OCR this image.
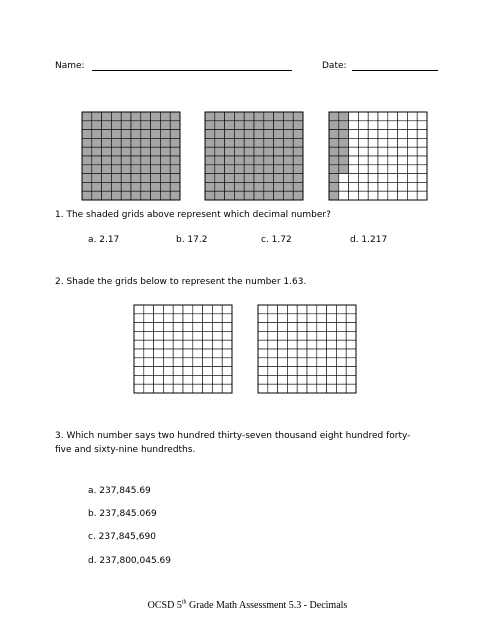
Name:	Date:
1. The shaded grids above represent which decimal number?
a. 2.17	b. 17.2	c. 1.72	d. 1.217
2. Shade the grids below to represent the number 1.63.
3. Which number says two hundred thirty-seven thousand eight hundred forty-
five and sixty-nine hundredths.
a. 237,845.69
b. 237,845.069
c. 237,845,690
d. 237,800,045.69
OCSD 5th Grade Math Assessment 5.3 - Decimals
